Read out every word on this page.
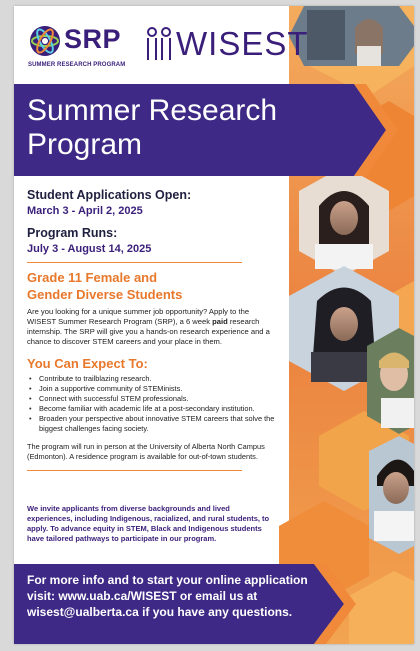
SRP
SUMMER RESEARCH PROGRAM
WISEST
Summer Research Program
Student Applications Open:
March 3 - April 2, 2025
Program Runs:
July 3 - August 14, 2025
Grade 11 Female and
Gender Diverse Students

Are you looking for a unique summer job opportunity? Apply to the WISEST Summer Research Program (SRP), a 6 week paid research internship. The SRP will give you a hands-on research experience and a chance to discover STEM careers and your place in them.

You Can Expect To:
• Contribute to trailblazing research.
• Join a supportive community of STEMinists.
• Connect with successful STEM professionals.
• Become familiar with academic life at a post-secondary institution.
• Broaden your perspective about innovative STEM careers that solve the biggest challenges facing society.

The program will run in person at the University of Alberta North Campus (Edmonton). A residence program is available for out-of-town students.

We invite applicants from diverse backgrounds and lived experiences, including Indigenous, racialized, and rural students, to apply. To advance equity in STEM, Black and Indigenous students have tailored pathways to participate in our program.

For more info and to start your online application
visit: www.uab.ca/WISEST or email us at
wisest@ualberta.ca if you have any questions.
